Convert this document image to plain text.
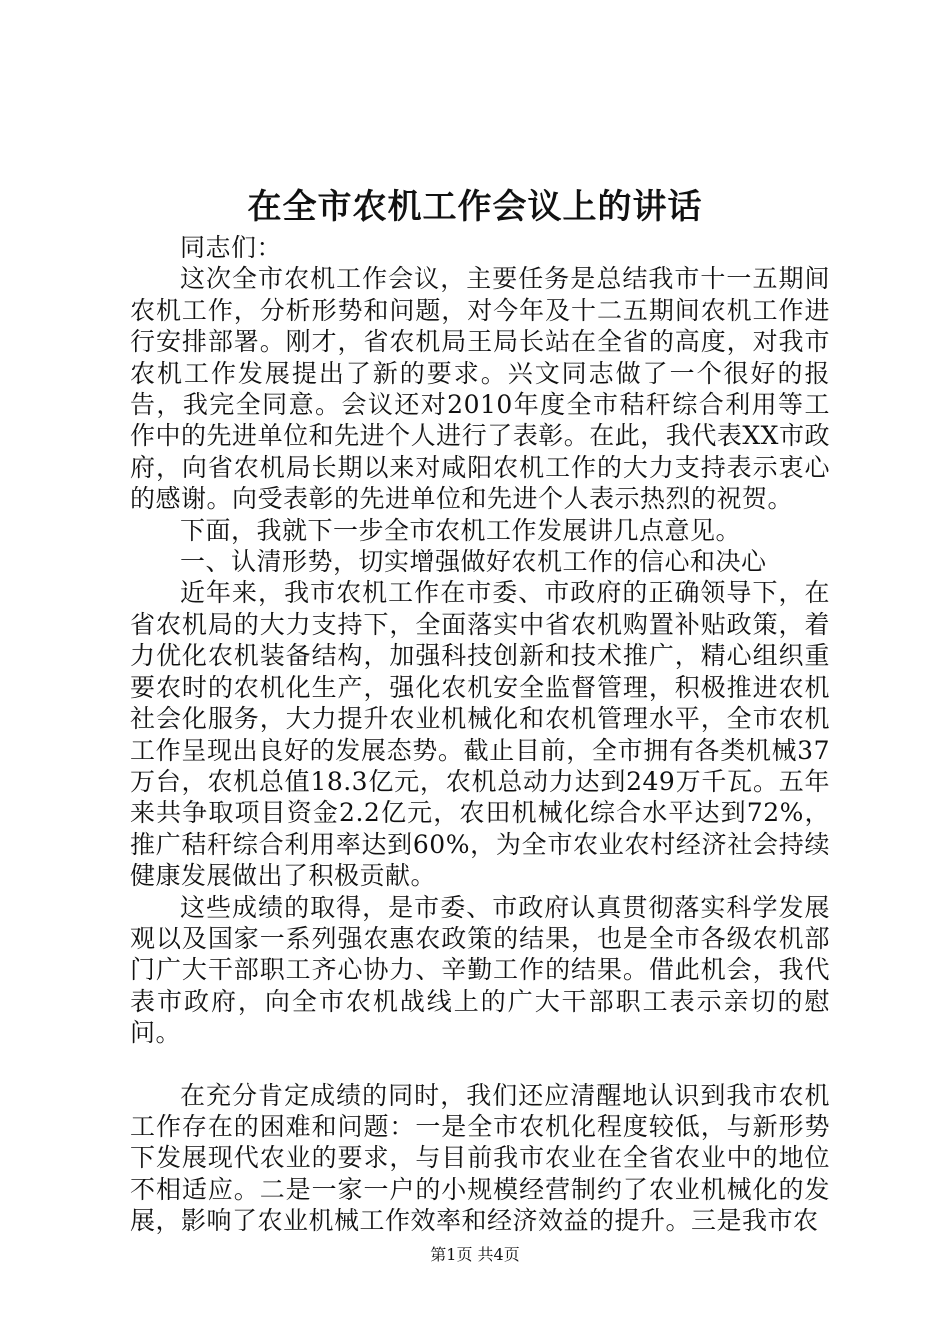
在全市农机工作会议上的讲话

同志们：

这次全市农机工作会议，主要任务是总结我市十一五期间农机工作，分析形势和问题，对今年及十二五期间农机工作进行安排部署。刚才，省农机局王局长站在全省的高度，对我市农机工作发展提出了新的要求。兴文同志做了一个很好的报告，我完全同意。会议还对2010年度全市秸秆综合利用等工作中的先进单位和先进个人进行了表彰。在此，我代表XX市政府，向省农机局长期以来对咸阳农机工作的大力支持表示衷心的感谢。向受表彰的先进单位和先进个人表示热烈的祝贺。

下面，我就下一步全市农机工作发展讲几点意见。

一、认清形势，切实增强做好农机工作的信心和决心

近年来，我市农机工作在市委、市政府的正确领导下，在省农机局的大力支持下，全面落实中省农机购置补贴政策，着力优化农机装备结构，加强科技创新和技术推广，精心组织重要农时的农机化生产，强化农机安全监督管理，积极推进农机社会化服务，大力提升农业机械化和农机管理水平，全市农机工作呈现出良好的发展态势。截止目前，全市拥有各类机械37万台，农机总值18.3亿元，农机总动力达到249万千瓦。五年来共争取项目资金2.2亿元，农田机械化综合水平达到72%，推广秸秆综合利用率达到60%，为全市农业农村经济社会持续健康发展做出了积极贡献。

这些成绩的取得，是市委、市政府认真贯彻落实科学发展观以及国家一系列强农惠农政策的结果，也是全市各级农机部门广大干部职工齐心协力、辛勤工作的结果。借此机会，我代表市政府，向全市农机战线上的广大干部职工表示亲切的慰问。

在充分肯定成绩的同时，我们还应清醒地认识到我市农机工作存在的困难和问题：一是全市农机化程度较低，与新形势下发展现代农业的要求，与目前我市农业在全省农业中的地位不相适应。二是一家一户的小规模经营制约了农业机械化的发展，影响了农业机械工作效率和经济效益的提升。三是我市农

第1页 共4页
